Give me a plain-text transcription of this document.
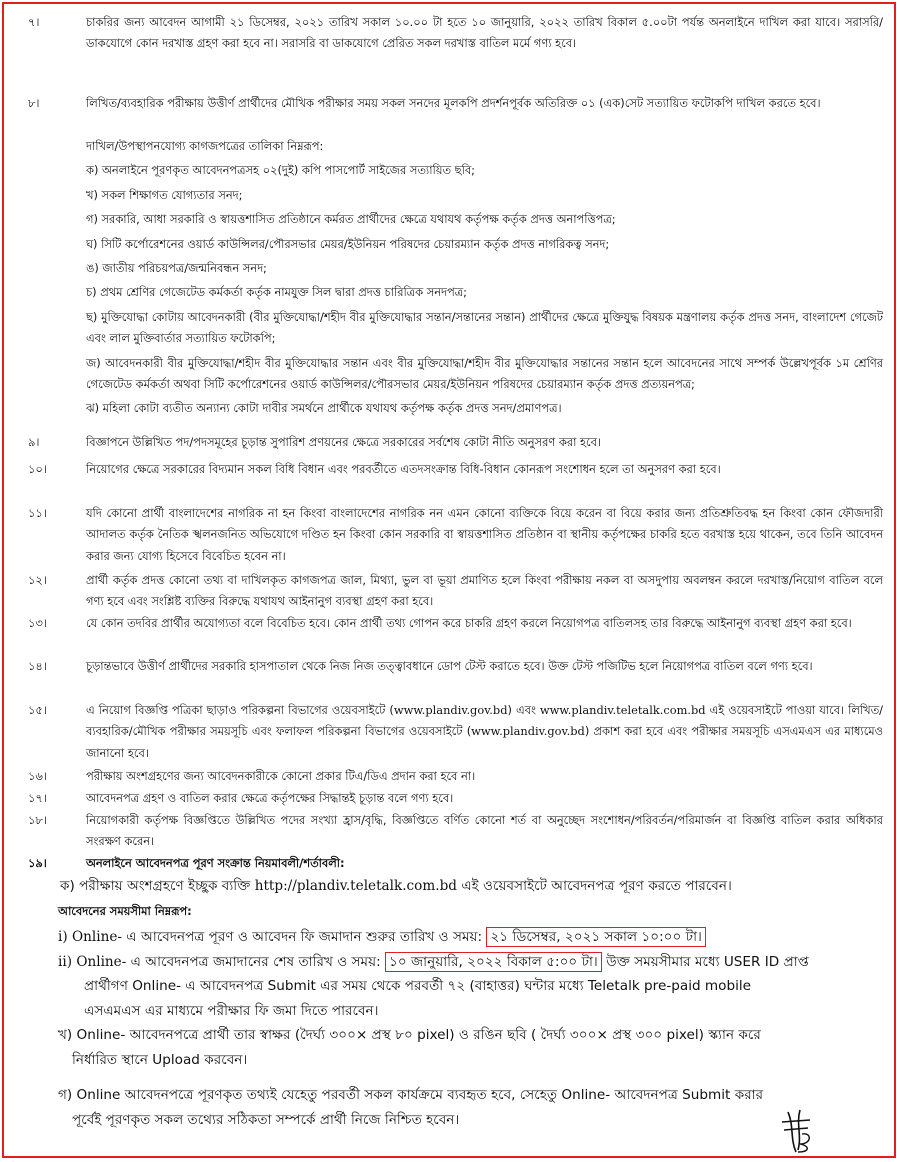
৭।	চাকরির জন্য আবেদন আগামী ২১ ডিসেম্বর, ২০২১ তারিখ সকাল ১০.০০ টা হতে ১০ জানুয়ারি, ২০২২ তারিখ বিকাল ৫.০০টা পর্যন্ত অনলাইনে দাখিল করা যাবে। সরাসরি/ডাকযোগে কোন দরখাস্ত গ্রহণ করা হবে না। সরাসরি বা ডাকযোগে প্রেরিত সকল দরখাস্ত বাতিল মর্মে গণ্য হবে।
৮।	লিখিত/ব্যবহারিক পরীক্ষায় উত্তীর্ণ প্রার্থীদের মৌখিক পরীক্ষার সময় সকল সনদের মূলকপি প্রদর্শনপূর্বক অতিরিক্ত ০১ (এক)সেট সত্যায়িত ফটোকপি দাখিল করতে হবে।
দাখিল/উপস্থাপনযোগ্য কাগজপত্রের তালিকা নিম্নরূপ:
ক) অনলাইনে পূরণকৃত আবেদনপত্রসহ ০২(দুই) কপি পাসপোর্ট সাইজের সত্যায়িত ছবি;
খ) সকল শিক্ষাগত যোগ্যতার সনদ;
গ) সরকারি, আধা সরকারি ও স্বায়ত্তশাসিত প্রতিষ্ঠানে কর্মরত প্রার্থীদের ক্ষেত্রে যথাযথ কর্তৃপক্ষ কর্তৃক প্রদত্ত অনাপত্তিপত্র;
ঘ) সিটি কর্পোরেশনের ওয়ার্ড কাউন্সিলর/পৌরসভার মেয়র/ইউনিয়ন পরিষদের চেয়ারম্যান কর্তৃক প্রদত্ত নাগরিকত্ব সনদ;
ঙ) জাতীয় পরিচয়পত্র/জন্মনিবন্ধন সনদ;
চ) প্রথম শ্রেণির গেজেটেড কর্মকর্তা কর্তৃক নামযুক্ত সিল দ্বারা প্রদত্ত চারিত্রিক সনদপত্র;
ছ) মুক্তিযোদ্ধা কোটায় আবেদনকারী (বীর মুক্তিযোদ্ধা/শহীদ বীর মুক্তিযোদ্ধার সন্তান/সন্তানের সন্তান) প্রার্থীদের ক্ষেত্রে মুক্তিযুদ্ধ বিষয়ক মন্ত্রণালয় কর্তৃক প্রদত্ত সনদ, বাংলাদেশ গেজেট এবং লাল মুক্তিবার্তার সত্যায়িত ফটোকপি;
জ) আবেদনকারী বীর মুক্তিযোদ্ধা/শহীদ বীর মুক্তিযোদ্ধার সন্তান এবং বীর মুক্তিযোদ্ধা/শহীদ বীর মুক্তিযোদ্ধার সন্তানের সন্তান হলে আবেদনের সাথে সম্পর্ক উল্লেখপূর্বক ১ম শ্রেণির গেজেটেড কর্মকর্তা অথবা সিটি কর্পোরেশনের ওয়ার্ড কাউন্সিলর/পৌরসভার মেয়র/ইউনিয়ন পরিষদের চেয়ারম্যান কর্তৃক প্রদত্ত প্রত্যয়নপত্র;
ঝ) মহিলা কোটা ব্যতীত অন্যান্য কোটা দাবীর সমর্থনে প্রার্থীকে যথাযথ কর্তৃপক্ষ কর্তৃক প্রদত্ত সনদ/প্রমাণপত্র।
৯।	বিজ্ঞাপনে উল্লিখিত পদ/পদসমূহের চূড়ান্ত সুপারিশ প্রণয়নের ক্ষেত্রে সরকারের সর্বশেষ কোটা নীতি অনুসরণ করা হবে।
১০।	নিয়োগের ক্ষেত্রে সরকারের বিদ্যমান সকল বিধি বিধান এবং পরবর্তীতে এতদসংক্রান্ত বিধি-বিধান কোনরূপ সংশোধন হলে তা অনুসরণ করা হবে।
১১।	যদি কোনো প্রার্থী বাংলাদেশের নাগরিক না হন কিংবা বাংলাদেশের নাগরিক নন এমন কোনো ব্যক্তিকে বিয়ে করেন বা বিয়ে করার জন্য প্রতিশ্রুতিবদ্ধ হন কিংবা কোন ফৌজদারী আদালত কর্তৃক নৈতিক স্খলনজনিত অভিযোগে দণ্ডিত হন কিংবা কোন সরকারি বা স্বায়ত্তশাসিত প্রতিষ্ঠান বা স্থানীয় কর্তৃপক্ষের চাকরি হতে বরখাস্ত হয়ে থাকেন, তবে তিনি আবেদন করার জন্য যোগ্য হিসেবে বিবেচিত হবেন না।
১২।	প্রার্থী কর্তৃক প্রদত্ত কোনো তথ্য বা দাখিলকৃত কাগজপত্র জাল, মিথ্যা, ভুল বা ভূয়া প্রমাণিত হলে কিংবা পরীক্ষায় নকল বা অসদুপায় অবলম্বন করলে দরখাস্ত/নিয়োগ বাতিল বলে গণ্য হবে এবং সংশ্লিষ্ট ব্যক্তির বিরুদ্ধে যথাযথ আইনানুগ ব্যবস্থা গ্রহণ করা হবে।
১৩।	যে কোন তদবির প্রার্থীর অযোগ্যতা বলে বিবেচিত হবে। কোন প্রার্থী তথ্য গোপন করে চাকরি গ্রহণ করলে নিয়োগপত্র বাতিলসহ তার বিরুদ্ধে আইনানুগ ব্যবস্থা গ্রহণ করা হবে।
১৪।	চূড়ান্তভাবে উত্তীর্ণ প্রার্থীদের সরকারি হাসপাতাল থেকে নিজ নিজ তত্ত্বাবধানে ডোপ টেস্ট করাতে হবে। উক্ত টেস্ট পজিটিভ হলে নিয়োগপত্র বাতিল বলে গণ্য হবে।
১৫।	এ নিয়োগ বিজ্ঞপ্তি পত্রিকা ছাড়াও পরিকল্পনা বিভাগের ওয়েবসাইটে (www.plandiv.gov.bd) এবং www.plandiv.teletalk.com.bd এই ওয়েবসাইটে পাওয়া যাবে। লিখিত/ব্যবহারিক/মৌখিক পরীক্ষার সময়সূচি এবং ফলাফল পরিকল্পনা বিভাগের ওয়েবসাইটে (www.plandiv.gov.bd) প্রকাশ করা হবে এবং পরীক্ষার সময়সূচি এসএমএস এর মাধ্যমেও জানানো হবে।
১৬।	পরীক্ষায় অংশগ্রহণের জন্য আবেদনকারীকে কোনো প্রকার টিএ/ডিএ প্রদান করা হবে না।
১৭।	আবেদনপত্র গ্রহণ ও বাতিল করার ক্ষেত্রে কর্তৃপক্ষের সিদ্ধান্তই চূড়ান্ত বলে গণ্য হবে।
১৮।	নিয়োগকারী কর্তৃপক্ষ বিজ্ঞপ্তিতে উল্লিখিত পদের সংখ্যা হ্রাস/বৃদ্ধি, বিজ্ঞপ্তিতে বর্ণিত কোনো শর্ত বা অনুচ্ছেদ সংশোধন/পরিবর্তন/পরিমার্জন বা বিজ্ঞপ্তি বাতিল করার অধিকার সংরক্ষণ করেন।
১৯।	অনলাইনে আবেদনপত্র পূরণ সংক্রান্ত নিয়মাবলী/শর্তাবলী:
ক) পরীক্ষায় অংশগ্রহণে ইচ্ছুক ব্যক্তি http://plandiv.teletalk.com.bd এই ওয়েবসাইটে আবেদনপত্র পূরণ করতে পারবেন।
আবেদনের সময়সীমা নিম্নরূপ:
i) Online- এ আবেদনপত্র পূরণ ও আবেদন ফি জমাদান শুরুর তারিখ ও সময়: ২১ ডিসেম্বর, ২০২১ সকাল ১০:০০ টা।
ii) Online- এ আবেদনপত্র জমাদানের শেষ তারিখ ও সময়: ১০ জানুয়ারি, ২০২২ বিকাল ৫:০০ টা। উক্ত সময়সীমার মধ্যে USER ID প্রাপ্ত
প্রার্থীগণ Online- এ আবেদনপত্র Submit এর সময় থেকে পরবর্তী ৭২ (বাহাত্তর) ঘন্টার মধ্যে Teletalk pre-paid mobile
এসএমএস এর মাধ্যমে পরীক্ষার ফি জমা দিতে পারবেন।
খ) Online- আবেদনপত্রে প্রার্থী তার স্বাক্ষর (দৈর্ঘ্য ৩০০× প্রস্থ ৮০ pixel) ও রঙিন ছবি ( দৈর্ঘ্য ৩০০× প্রস্থ ৩০০ pixel) স্ক্যান করে
নির্ধারিত স্থানে Upload করবেন।
গ) Online আবেদনপত্রে পূরণকৃত তথ্যই যেহেতু পরবর্তী সকল কার্যক্রমে ব্যবহৃত হবে, সেহেতু Online- আবেদনপত্র Submit করার
পূর্বেই পূরণকৃত সকল তথ্যের সঠিকতা সম্পর্কে প্রার্থী নিজে নিশ্চিত হবেন।
